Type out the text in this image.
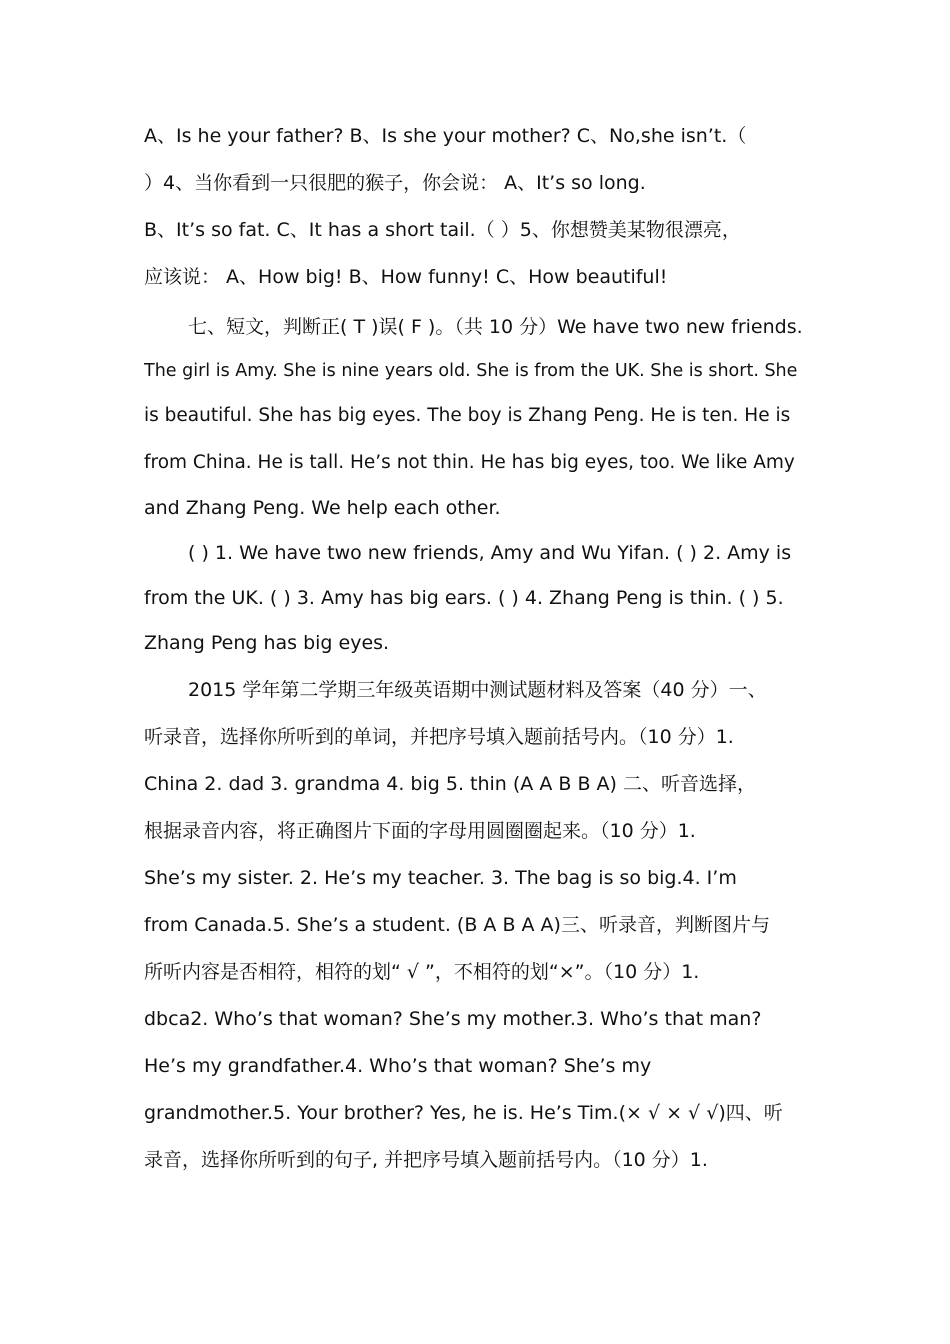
A、Is he your father? B、Is she your mother? C、No,she isn’t.（
）4、当你看到一只很肥的猴子，你会说： A、It’s so long.
B、It’s so fat. C、It has a short tail.（ ）5、你想赞美某物很漂亮，
应该说： A、How big! B、How funny! C、How beautiful!
七、短文，判断正( T )误( F )。（共 10 分）We have two new friends.
The girl is Amy. She is nine years old. She is from the UK. She is short. She
is beautiful. She has big eyes. The boy is Zhang Peng. He is ten. He is
from China. He is tall. He’s not thin. He has big eyes, too. We like Amy
and Zhang Peng. We help each other.
( ) 1. We have two new friends, Amy and Wu Yifan. ( ) 2. Amy is
from the UK. ( ) 3. Amy has big ears. ( ) 4. Zhang Peng is thin. ( ) 5.
Zhang Peng has big eyes.
2015 学年第二学期三年级英语期中测试题材料及答案（40 分）一、
听录音，选择你所听到的单词，并把序号填入题前括号内。（10 分）1.
China 2. dad 3. grandma 4. big 5. thin (A A B B A) 二、听音选择，
根据录音内容，将正确图片下面的字母用圆圈圈起来。（10 分）1.
She’s my sister. 2. He’s my teacher. 3. The bag is so big.4. I’m
from Canada.5. She’s a student. (B A B A A)三、听录音，判断图片与
所听内容是否相符，相符的划“ √ ”，不相符的划“×”。（10 分）1.
dbca2. Who’s that woman? She’s my mother.3. Who’s that man?
He’s my grandfather.4. Who’s that woman? She’s my
grandmother.5. Your brother? Yes, he is. He’s Tim.(× √ × √ √)四、听
录音，选择你所听到的句子, 并把序号填入题前括号内。（10 分）1.
